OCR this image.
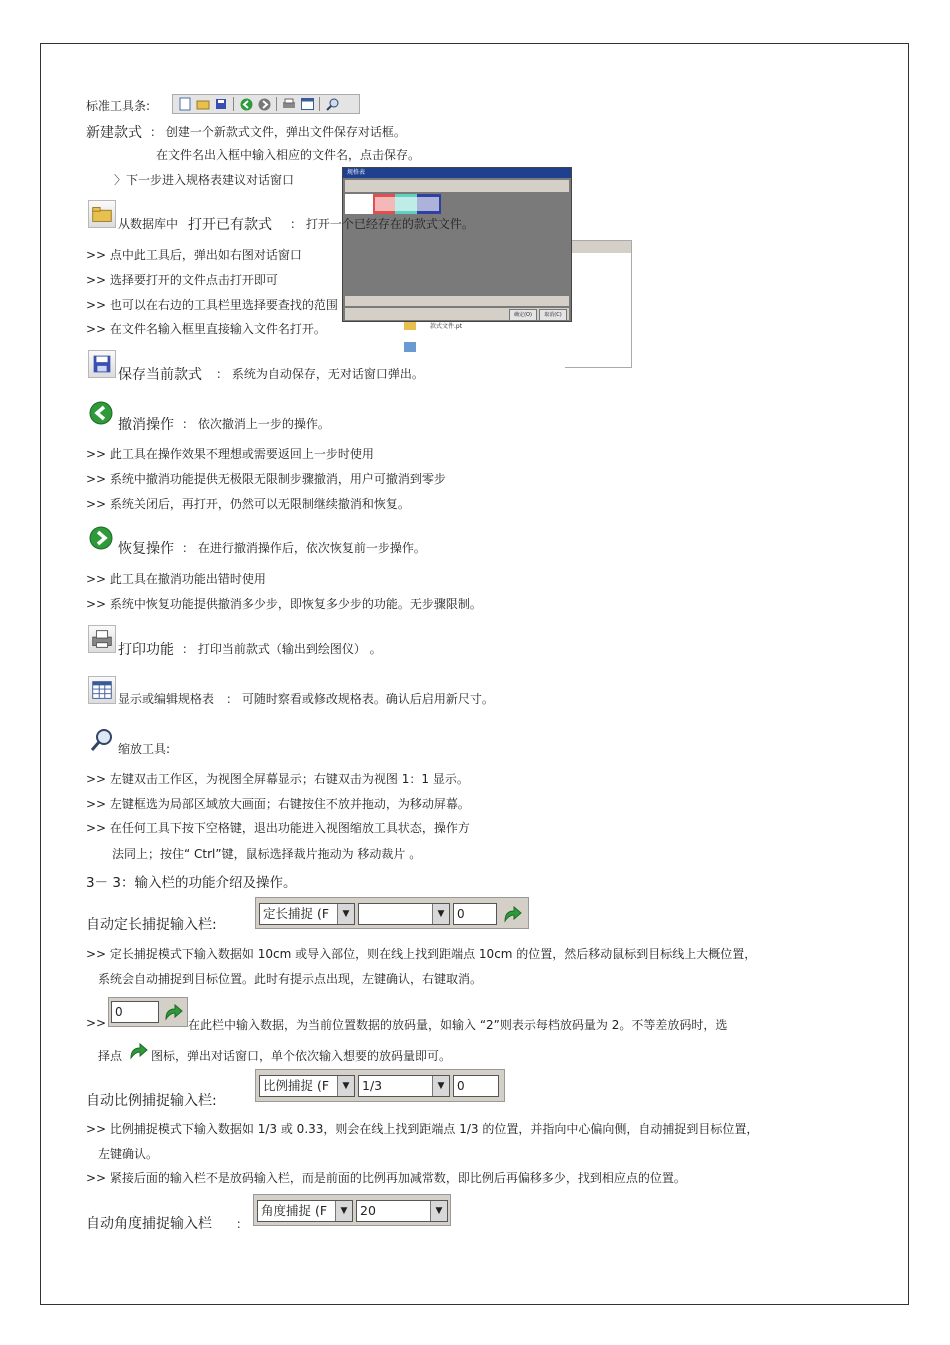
标准工具条:
新建款式 ： 创建一个新款式文件，弹出文件保存对话框。
在文件名出入框中输入相应的文件名，点击保存。
〉下一步进入规格表建议对话窗口
款式文件.pt
规格表
确定(O)	取消(C)
从数据库中 打开已有款式 ： 打开一个已经存在的款式文件。
>> 点中此工具后，弹出如右图对话窗口
>> 选择要打开的文件点击打开即可
>> 也可以在右边的工具栏里选择要查找的范围
>> 在文件名输入框里直接输入文件名打开。
保存当前款式 ： 系统为自动保存，无对话窗口弹出。
撤消操作 ： 依次撤消上一步的操作。
>> 此工具在操作效果不理想或需要返回上一步时使用
>> 系统中撤消功能提供无极限无限制步骤撤消，用户可撤消到零步
>> 系统关闭后，再打开，仍然可以无限制继续撤消和恢复。
恢复操作 ： 在进行撤消操作后，依次恢复前一步操作。
>> 此工具在撤消功能出错时使用
>> 系统中恢复功能提供撤消多少步，即恢复多少步的功能。无步骤限制。
打印功能 ： 打印当前款式（输出到绘图仪） 。
显示或编辑规格表 ： 可随时察看或修改规格表。确认后启用新尺寸。
缩放工具:
>> 左键双击工作区，为视图全屏幕显示；右键双击为视图 1：1 显示。
>> 左键框选为局部区域放大画面；右键按住不放并拖动，为移动屏幕。
>> 在任何工具下按下空格键，退出功能进入视图缩放工具状态，操作方
法同上；按住“ Ctrl”键，鼠标选择裁片拖动为 移动裁片 。
3－ 3：输入栏的功能介绍及操作。
自动定长捕捉输入栏:
定长捕捉 (F	▼	▼	0
>> 定长捕捉模式下输入数据如 10cm 或导入部位，则在线上找到距端点 10cm 的位置，然后移动鼠标到目标线上大概位置，
系统会自动捕捉到目标位置。此时有提示点出现，左键确认，右键取消。
>>
0
在此栏中输入数据，为当前位置数据的放码量，如输入 “2”则表示每档放码量为 2。不等差放码时，选
择点 图标，弹出对话窗口，单个依次输入想要的放码量即可。
自动比例捕捉输入栏:
比例捕捉 (F	▼	1/3	▼	0
>> 比例捕捉模式下输入数据如 1/3 或 0.33，则会在线上找到距端点 1/3 的位置，并指向中心偏向侧，自动捕捉到目标位置，
左键确认。
>> 紧接后面的输入栏不是放码输入栏，而是前面的比例再加减常数，即比例后再偏移多少，找到相应点的位置。
自动角度捕捉输入栏 ：
角度捕捉 (F	▼	20	▼
